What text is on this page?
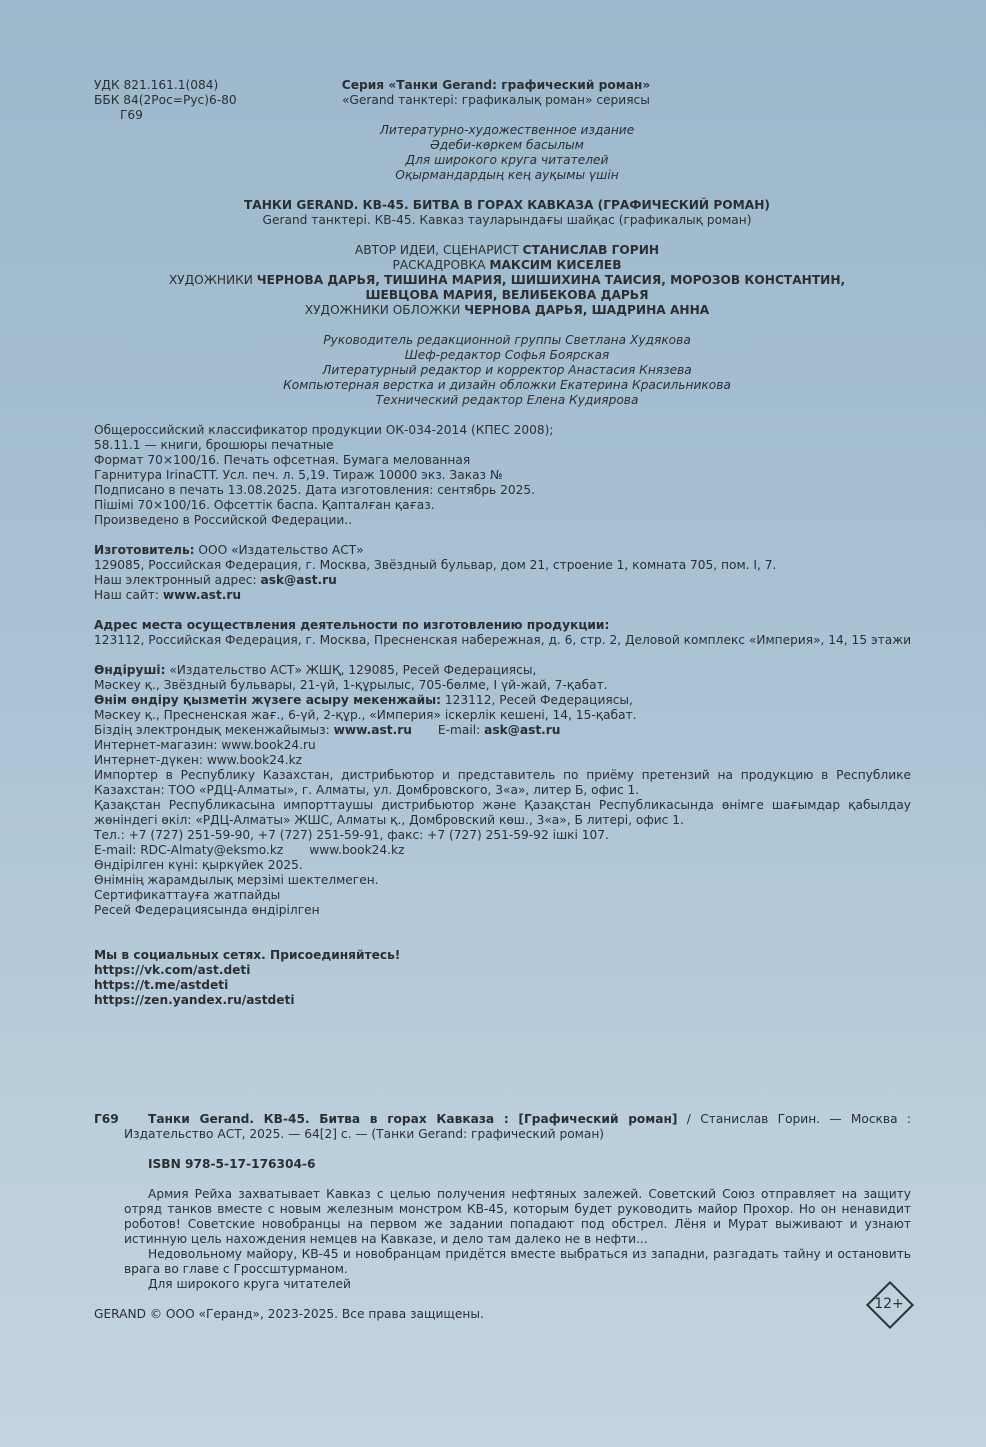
УДК 821.161.1(084)
ББК 84(2Рос=Рус)6-80
Г69
Серия «Танки Gerand: графический роман»
«Gerand танктері: графикалық роман» сериясы
Литературно-художественное издание
Әдеби-көркем басылым
Для широкого круга читателей
Оқырмандардың кең ауқымы үшін
ТАНКИ GERAND. КВ-45. БИТВА В ГОРАХ КАВКАЗА (ГРАФИЧЕСКИЙ РОМАН)
Gerand танктері. КВ-45. Кавказ тауларындағы шайқас (графикалық роман)
АВТОР ИДЕИ, СЦЕНАРИСТ СТАНИСЛАВ ГОРИН
РАСКАДРОВКА МАКСИМ КИСЕЛЕВ
ХУДОЖНИКИ ЧЕРНОВА ДАРЬЯ, ТИШИНА МАРИЯ, ШИШИХИНА ТАИСИЯ, МОРОЗОВ КОНСТАНТИН,
ШЕВЦОВА МАРИЯ, ВЕЛИБЕКОВА ДАРЬЯ
ХУДОЖНИКИ ОБЛОЖКИ ЧЕРНОВА ДАРЬЯ, ШАДРИНА АННА
Руководитель редакционной группы Светлана Худякова
Шеф-редактор Софья Боярская
Литературный редактор и корректор Анастасия Князева
Компьютерная верстка и дизайн обложки Екатерина Красильникова
Технический редактор Елена Кудиярова
Общероссийский классификатор продукции ОК-034-2014 (КПЕС 2008);
58.11.1 — книги, брошюры печатные
Формат 70×100/16. Печать офсетная. Бумага мелованная
Гарнитура IrinaCTT. Усл. печ. л. 5,19. Тираж 10000 экз. Заказ №
Подписано в печать 13.08.2025. Дата изготовления: сентябрь 2025.
Пішімі 70×100/16. Офсеттік баспа. Қапталған қағаз.
Произведено в Российской Федерации..
Изготовитель: ООО «Издательство АСТ»
129085, Российская Федерация, г. Москва, Звёздный бульвар, дом 21, строение 1, комната 705, пом. I, 7.
Наш электронный адрес: ask@ast.ru
Наш сайт: www.ast.ru
Адрес места осуществления деятельности по изготовлению продукции:
123112, Российская Федерация, г. Москва, Пресненская набережная, д. 6, стр. 2, Деловой комплекс «Империя», 14, 15 этажи
Өндіруші: «Издательство АСТ» ЖШҚ, 129085, Ресей Федерациясы,
Мәскеу қ., Звёздный бульвары, 21-үй, 1-құрылыс, 705-бөлме, I үй-жай, 7-қабат.
Өнім өндіру қызметін жүзеге асыру мекенжайы: 123112, Ресей Федерациясы,
Мәскеу қ., Пресненская жағ., 6-үй, 2-құр., «Империя» іскерлік кешені, 14, 15-қабат.
Біздің электрондық мекенжайымыз: www.ast.ru E-mail: ask@ast.ru
Интернет-магазин: www.book24.ru
Интернет-дүкен: www.book24.kz
Импортер в Республику Казахстан, дистрибьютор и представитель по приёму претензий на продукцию в Республике Казахстан: ТОО «РДЦ-Алматы», г. Алматы, ул. Домбровского, 3«а», литер Б, офис 1.
Қазақстан Республикасына импорттаушы дистрибьютор және Қазақстан Республикасында өнімге шағымдар қабылдау жөніндегі өкіл: «РДЦ-Алматы» ЖШС, Алматы қ., Домбровский көш., 3«а», Б литері, офис 1.
Тел.: +7 (727) 251-59-90, +7 (727) 251-59-91, факс: +7 (727) 251-59-92 ішкі 107.
E-mail: RDC-Almaty@eksmo.kz www.book24.kz
Өндірілген күні: қыркүйек 2025.
Өнімнің жарамдылық мерзімі шектелмеген.
Сертификаттауға жатпайды
Ресей Федерациясында өндірілген
Мы в социальных сетях. Присоединяйтесь!
https://vk.com/ast.deti
https://t.me/astdeti
https://zen.yandex.ru/astdeti
Г69 Танки Gerand. КВ-45. Битва в горах Кавказа : [Графический роман] / Станислав Горин. — Москва : Издательство АСТ, 2025. — 64[2] с. — (Танки Gerand: графический роман)
ISBN 978-5-17-176304-6
Армия Рейха захватывает Кавказ с целью получения нефтяных залежей. Советский Союз отправляет на защиту отряд танков вместе с новым железным монстром КВ-45, которым будет руководить майор Прохор. Но он ненавидит роботов! Советские новобранцы на первом же задании попадают под обстрел. Лёня и Мурат выживают и узнают истинную цель нахождения немцев на Кавказе, и дело там далеко не в нефти...
Недовольному майору, КВ-45 и новобранцам придётся вместе выбраться из западни, разгадать тайну и остановить врага во главе с Гроссштурманом.
Для широкого круга читателей
GERAND © ООО «Геранд», 2023-2025. Все права защищены.
12+
